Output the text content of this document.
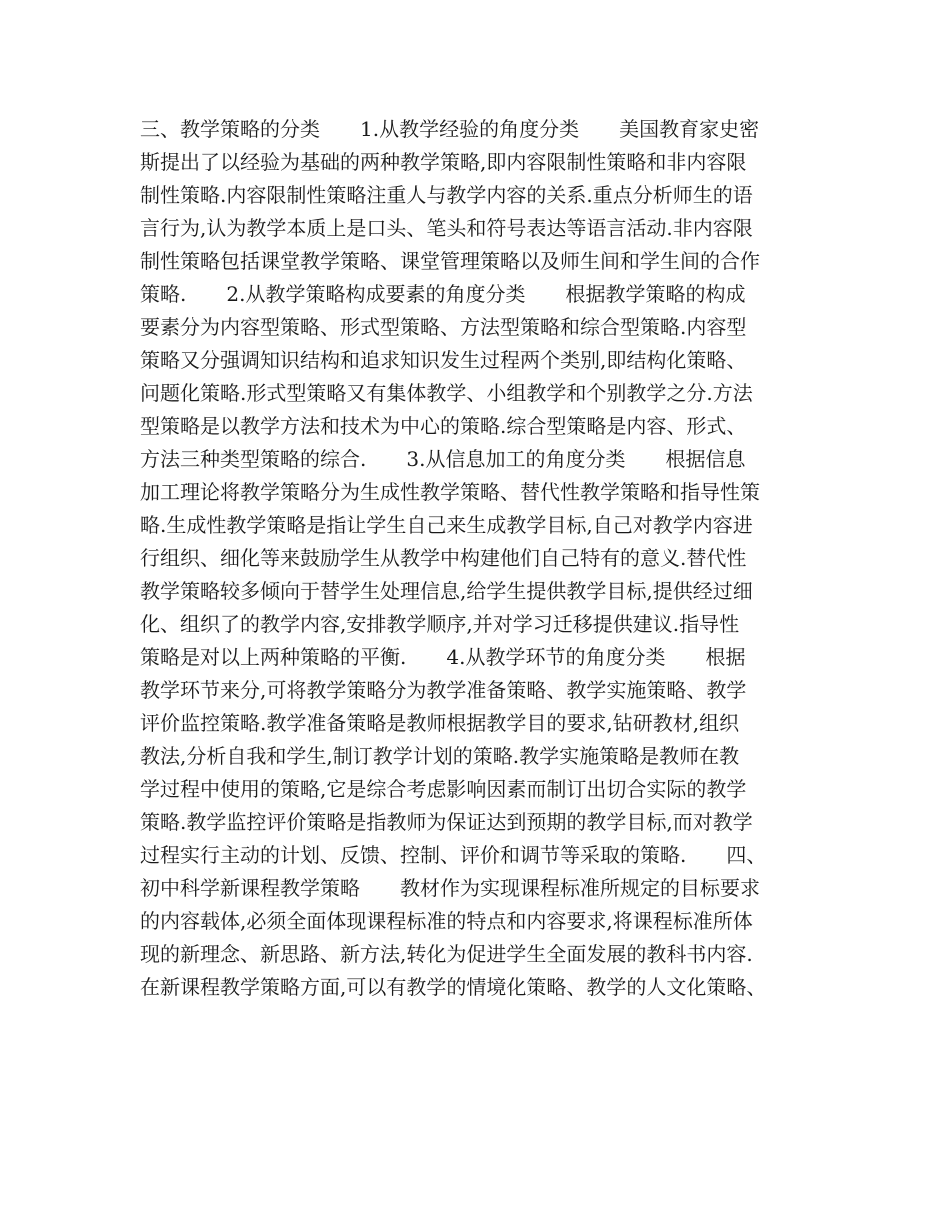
三、教学策略的分类　　1.从教学经验的角度分类　　美国教育家史密
斯提出了以经验为基础的两种教学策略,即内容限制性策略和非内容限
制性策略.内容限制性策略注重人与教学内容的关系.重点分析师生的语
言行为,认为教学本质上是口头、笔头和符号表达等语言活动.非内容限
制性策略包括课堂教学策略、课堂管理策略以及师生间和学生间的合作
策略.　　2.从教学策略构成要素的角度分类　　根据教学策略的构成
要素分为内容型策略、形式型策略、方法型策略和综合型策略.内容型
策略又分强调知识结构和追求知识发生过程两个类别,即结构化策略、
问题化策略.形式型策略又有集体教学、小组教学和个别教学之分.方法
型策略是以教学方法和技术为中心的策略.综合型策略是内容、形式、
方法三种类型策略的综合.　　3.从信息加工的角度分类　　根据信息
加工理论将教学策略分为生成性教学策略、替代性教学策略和指导性策
略.生成性教学策略是指让学生自己来生成教学目标,自己对教学内容进
行组织、细化等来鼓励学生从教学中构建他们自己特有的意义.替代性
教学策略较多倾向于替学生处理信息,给学生提供教学目标,提供经过细
化、组织了的教学内容,安排教学顺序,并对学习迁移提供建议.指导性
策略是对以上两种策略的平衡.　　4.从教学环节的角度分类　　根据
教学环节来分,可将教学策略分为教学准备策略、教学实施策略、教学
评价监控策略.教学准备策略是教师根据教学目的要求,钻研教材,组织
教法,分析自我和学生,制订教学计划的策略.教学实施策略是教师在教
学过程中使用的策略,它是综合考虑影响因素而制订出切合实际的教学
策略.教学监控评价策略是指教师为保证达到预期的教学目标,而对教学
过程实行主动的计划、反馈、控制、评价和调节等采取的策略.　　四、
初中科学新课程教学策略　　教材作为实现课程标准所规定的目标要求
的内容载体,必须全面体现课程标准的特点和内容要求,将课程标准所体
现的新理念、新思路、新方法,转化为促进学生全面发展的教科书内容.
在新课程教学策略方面,可以有教学的情境化策略、教学的人文化策略、
